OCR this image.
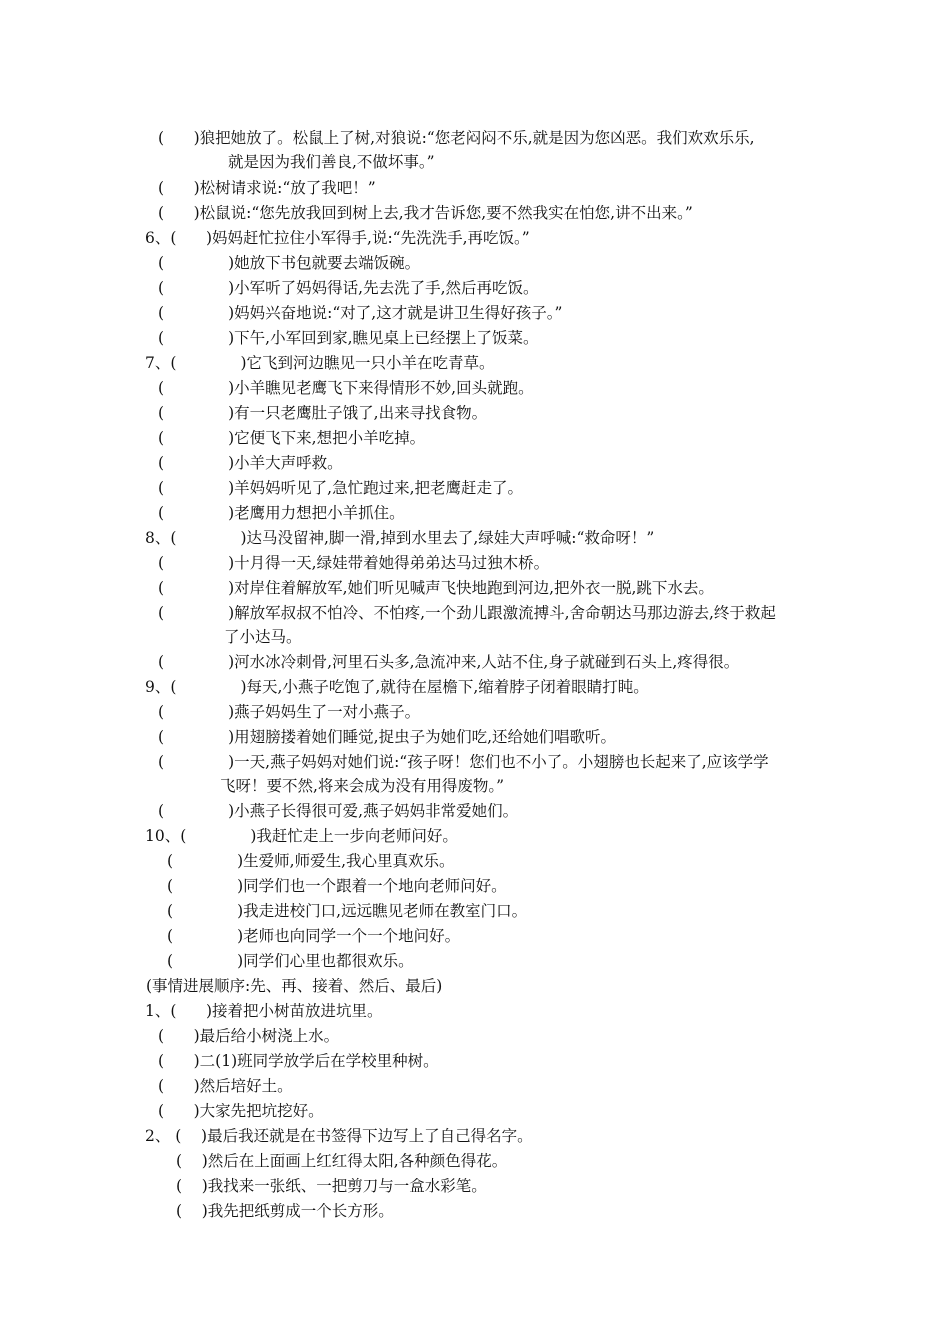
(      )狼把她放了。松鼠上了树,对狼说:“您老闷闷不乐,就是因为您凶恶。我们欢欢乐乐,
就是因为我们善良,不做坏事。”
(      )松树请求说:“放了我吧！”
(      )松鼠说:“您先放我回到树上去,我才告诉您,要不然我实在怕您,讲不出来。”
6、(      )妈妈赶忙拉住小军得手,说:“先洗洗手,再吃饭。”
(             )她放下书包就要去端饭碗。
(             )小军听了妈妈得话,先去洗了手,然后再吃饭。
(             )妈妈兴奋地说:“对了,这才就是讲卫生得好孩子。”
(             )下午,小军回到家,瞧见桌上已经摆上了饭菜。
7、(             )它飞到河边瞧见一只小羊在吃青草。
(             )小羊瞧见老鹰飞下来得情形不妙,回头就跑。
(             )有一只老鹰肚子饿了,出来寻找食物。
(             )它便飞下来,想把小羊吃掉。
(             )小羊大声呼救。
(             )羊妈妈听见了,急忙跑过来,把老鹰赶走了。
(             )老鹰用力想把小羊抓住。
8、(             )达马没留神,脚一滑,掉到水里去了,绿娃大声呼喊:“救命呀！”
(             )十月得一天,绿娃带着她得弟弟达马过独木桥。
(             )对岸住着解放军,她们听见喊声飞快地跑到河边,把外衣一脱,跳下水去。
(             )解放军叔叔不怕冷、不怕疼,一个劲儿跟激流搏斗,舍命朝达马那边游去,终于救起
了小达马。
(             )河水冰冷刺骨,河里石头多,急流冲来,人站不住,身子就碰到石头上,疼得很。
9、(             )每天,小燕子吃饱了,就待在屋檐下,缩着脖子闭着眼睛打盹。
(             )燕子妈妈生了一对小燕子。
(             )用翅膀搂着她们睡觉,捉虫子为她们吃,还给她们唱歌听。
(             )一天,燕子妈妈对她们说:“孩子呀！您们也不小了。小翅膀也长起来了,应该学学
飞呀！要不然,将来会成为没有用得废物。”
(             )小燕子长得很可爱,燕子妈妈非常爱她们。
10、(             )我赶忙走上一步向老师问好。
(             )生爱师,师爱生,我心里真欢乐。
(             )同学们也一个跟着一个地向老师问好。
(             )我走进校门口,远远瞧见老师在教室门口。
(             )老师也向同学一个一个地问好。
(             )同学们心里也都很欢乐。
(事情进展顺序:先、再、接着、然后、最后)
1、(      )接着把小树苗放进坑里。
(      )最后给小树浇上水。
(      )二(1)班同学放学后在学校里种树。
(      )然后培好土。
(      )大家先把坑挖好。
2、 (    )最后我还就是在书签得下边写上了自己得名字。
(    )然后在上面画上红红得太阳,各种颜色得花。
(    )我找来一张纸、一把剪刀与一盒水彩笔。
(    )我先把纸剪成一个长方形。
